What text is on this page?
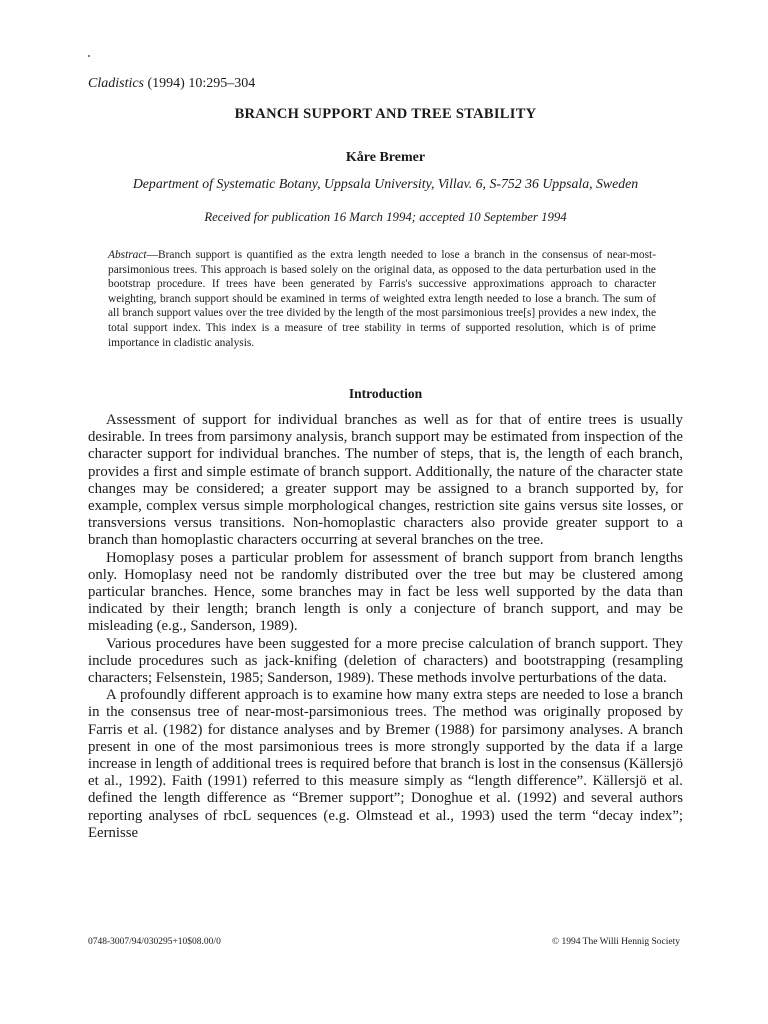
Cladistics (1994) 10:295–304
BRANCH SUPPORT AND TREE STABILITY
Kåre Bremer
Department of Systematic Botany, Uppsala University, Villav. 6, S-752 36 Uppsala, Sweden
Received for publication 16 March 1994; accepted 10 September 1994
Abstract—Branch support is quantified as the extra length needed to lose a branch in the consensus of near-most-parsimonious trees. This approach is based solely on the original data, as opposed to the data perturbation used in the bootstrap procedure. If trees have been generated by Farris's successive approximations approach to character weighting, branch support should be examined in terms of weighted extra length needed to lose a branch. The sum of all branch support values over the tree divided by the length of the most parsimonious tree[s] provides a new index, the total support index. This index is a measure of tree stability in terms of supported resolution, which is of prime importance in cladistic analysis.
Introduction

Assessment of support for individual branches as well as for that of entire trees is usually desirable. In trees from parsimony analysis, branch support may be estimated from inspection of the character support for individual branches. The number of steps, that is, the length of each branch, provides a first and simple estimate of branch support. Additionally, the nature of the character state changes may be considered; a greater support may be assigned to a branch supported by, for example, complex versus simple morphological changes, restriction site gains versus site losses, or transversions versus transitions. Non-homoplastic characters also provide greater support to a branch than homoplastic characters occurring at several branches on the tree.

Homoplasy poses a particular problem for assessment of branch support from branch lengths only. Homoplasy need not be randomly distributed over the tree but may be clustered among particular branches. Hence, some branches may in fact be less well supported by the data than indicated by their length; branch length is only a conjecture of branch support, and may be misleading (e.g., Sanderson, 1989).

Various procedures have been suggested for a more precise calculation of branch support. They include procedures such as jack-knifing (deletion of characters) and bootstrapping (resampling characters; Felsenstein, 1985; Sanderson, 1989). These methods involve perturbations of the data.

A profoundly different approach is to examine how many extra steps are needed to lose a branch in the consensus tree of near-most-parsimonious trees. The method was originally proposed by Farris et al. (1982) for distance analyses and by Bremer (1988) for parsimony analyses. A branch present in one of the most parsimonious trees is more strongly supported by the data if a large increase in length of additional trees is required before that branch is lost in the consensus (Källersjö et al., 1992). Faith (1991) referred to this measure simply as “length difference”. Källersjö et al. defined the length difference as “Bremer support”; Donoghue et al. (1992) and several authors reporting analyses of rbcL sequences (e.g. Olmstead et al., 1993) used the term “decay index”; Eernisse

0748-3007/94/030295+10$08.00/0	© 1994 The Willi Hennig Society
